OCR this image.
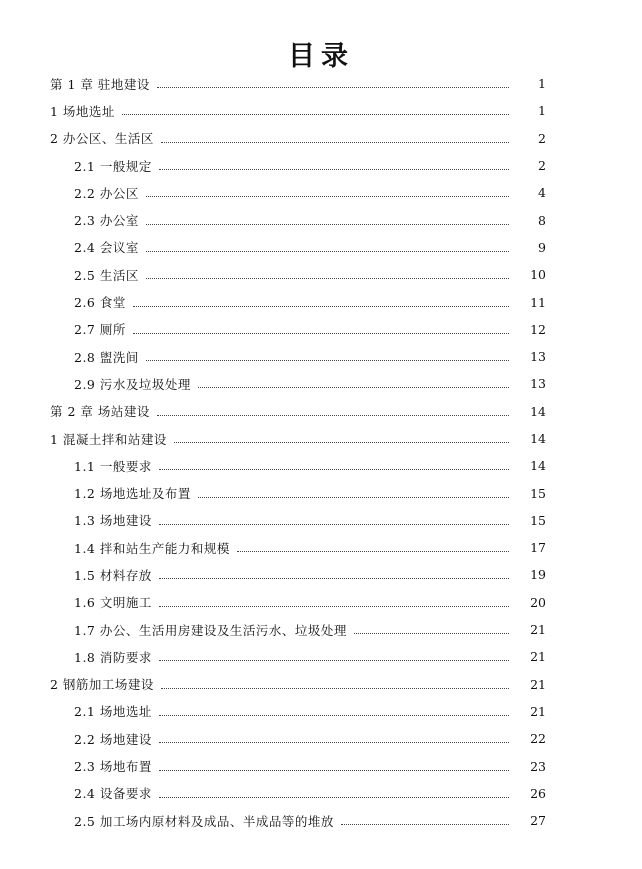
目录
第 1 章 驻地建设	1
1 场地选址	1
2 办公区、生活区	2
2.1 一般规定	2
2.2 办公区	4
2.3 办公室	8
2.4 会议室	9
2.5 生活区	10
2.6 食堂	11
2.7 厕所	12
2.8 盥洗间	13
2.9 污水及垃圾处理	13
第 2 章 场站建设	14
1 混凝土拌和站建设	14
1.1 一般要求	14
1.2 场地选址及布置	15
1.3 场地建设	15
1.4 拌和站生产能力和规模	17
1.5 材料存放	19
1.6 文明施工	20
1.7 办公、生活用房建设及生活污水、垃圾处理	21
1.8 消防要求	21
2 钢筋加工场建设	21
2.1 场地选址	21
2.2 场地建设	22
2.3 场地布置	23
2.4 设备要求	26
2.5 加工场内原材料及成品、半成品等的堆放	27
